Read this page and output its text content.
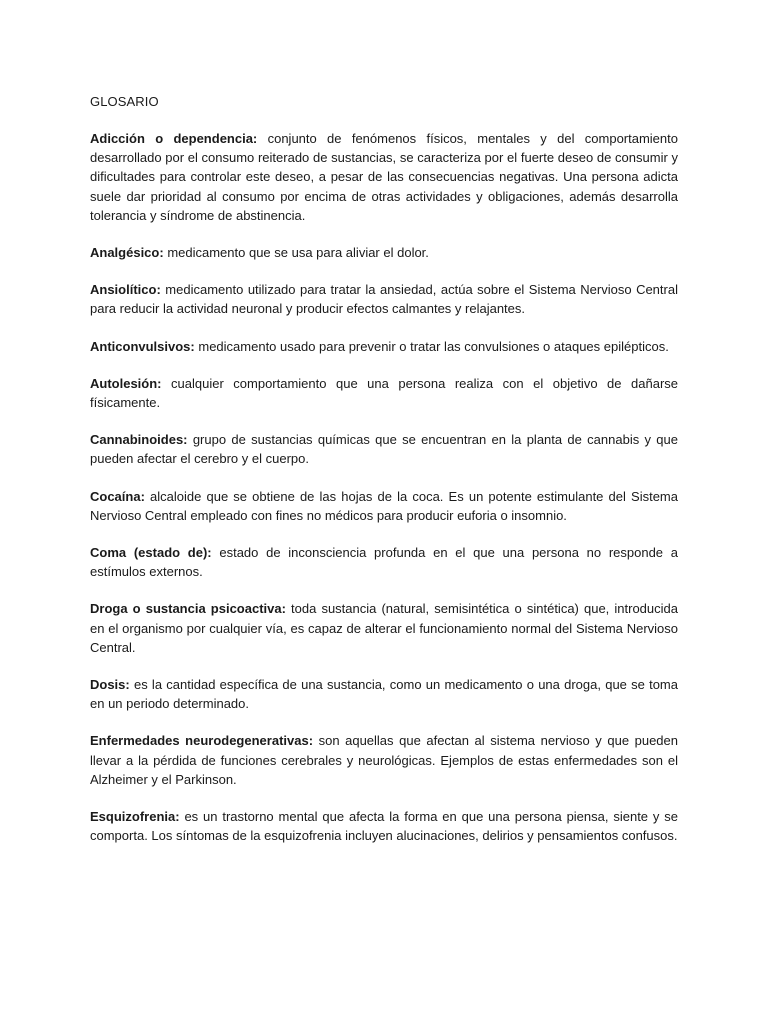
GLOSARIO

Adicción o dependencia: conjunto de fenómenos físicos, mentales y del comportamiento desarrollado por el consumo reiterado de sustancias, se caracteriza por el fuerte deseo de consumir y dificultades para controlar este deseo, a pesar de las consecuencias negativas. Una persona adicta suele dar prioridad al consumo por encima de otras actividades y obligaciones, además desarrolla tolerancia y síndrome de abstinencia.

Analgésico: medicamento que se usa para aliviar el dolor.

Ansiolítico: medicamento utilizado para tratar la ansiedad, actúa sobre el Sistema Nervioso Central para reducir la actividad neuronal y producir efectos calmantes y relajantes.

Anticonvulsivos: medicamento usado para prevenir o tratar las convulsiones o ataques epilépticos.

Autolesión: cualquier comportamiento que una persona realiza con el objetivo de dañarse físicamente.

Cannabinoides: grupo de sustancias químicas que se encuentran en la planta de cannabis y que pueden afectar el cerebro y el cuerpo.

Cocaína: alcaloide que se obtiene de las hojas de la coca. Es un potente estimulante del Sistema Nervioso Central empleado con fines no médicos para producir euforia o insomnio.

Coma (estado de): estado de inconsciencia profunda en el que una persona no responde a estímulos externos.

Droga o sustancia psicoactiva: toda sustancia (natural, semisintética o sintética) que, introducida en el organismo por cualquier vía, es capaz de alterar el funcionamiento normal del Sistema Nervioso Central.

Dosis: es la cantidad específica de una sustancia, como un medicamento o una droga, que se toma en un periodo determinado.

Enfermedades neurodegenerativas: son aquellas que afectan al sistema nervioso y que pueden llevar a la pérdida de funciones cerebrales y neurológicas. Ejemplos de estas enfermedades son el Alzheimer y el Parkinson.

Esquizofrenia: es un trastorno mental que afecta la forma en que una persona piensa, siente y se comporta. Los síntomas de la esquizofrenia incluyen alucinaciones, delirios y pensamientos confusos.
